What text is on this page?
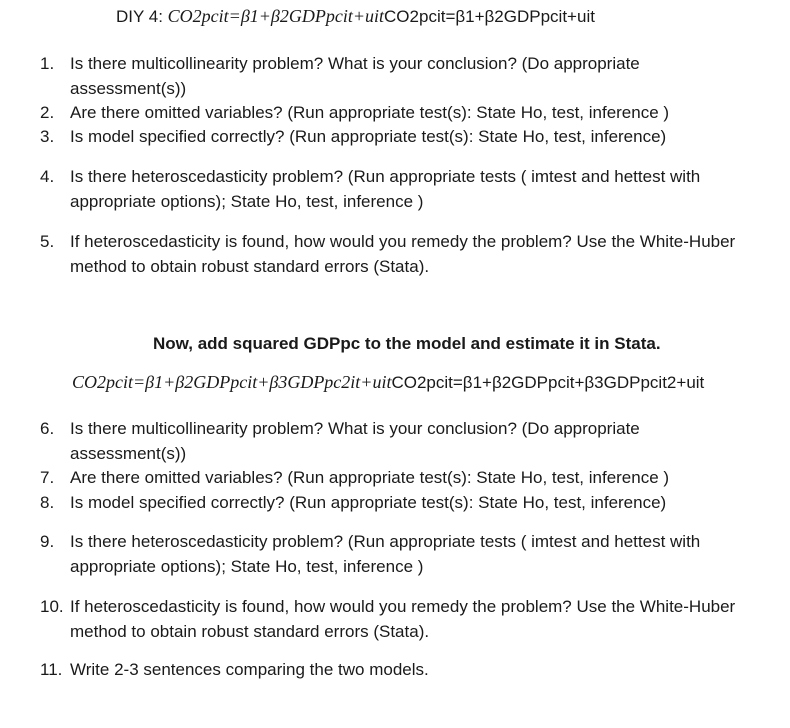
DIY 4: CO2pcit=β1+β2GDPpcit+uitCO2pcit=β1+β2GDPpcit+uit
1. Is there multicollinearity problem? What is your conclusion? (Do appropriate assessment(s))
2. Are there omitted variables? (Run appropriate test(s): State Ho, test, inference )
3. Is model specified correctly? (Run appropriate test(s): State Ho, test, inference)
4. Is there heteroscedasticity problem? (Run appropriate tests ( imtest and hettest with appropriate options); State Ho, test, inference )
5. If heteroscedasticity is found, how would you remedy the problem? Use the White-Huber method to obtain robust standard errors (Stata).
Now, add squared GDPpc to the model and estimate it in Stata.
CO2pcit=β1+β2GDPpcit+β3GDPpc2it+uitCO2pcit=β1+β2GDPpcit+β3GDPpcit2+uit
6. Is there multicollinearity problem? What is your conclusion? (Do appropriate assessment(s))
7. Are there omitted variables? (Run appropriate test(s): State Ho, test, inference )
8. Is model specified correctly? (Run appropriate test(s): State Ho, test, inference)
9. Is there heteroscedasticity problem? (Run appropriate tests ( imtest and hettest with appropriate options); State Ho, test, inference )
10. If heteroscedasticity is found, how would you remedy the problem? Use the White-Huber method to obtain robust standard errors (Stata).
11. Write 2-3 sentences comparing the two models.
